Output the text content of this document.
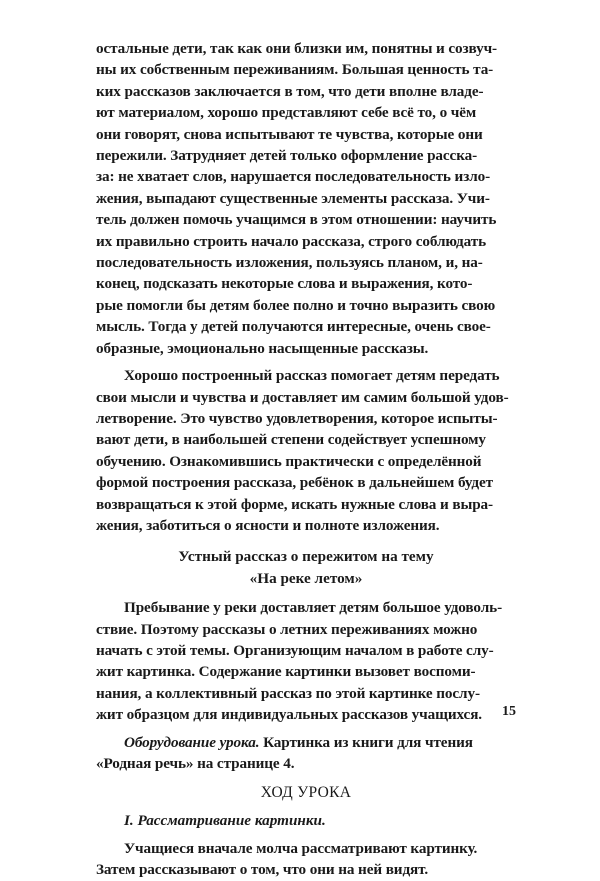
остальные дети, так как они близки им, понятны и созвуч-
ны их собственным переживаниям. Большая ценность та-
ких рассказов заключается в том, что дети вполне владе-
ют материалом, хорошо представляют себе всё то, о чём
они говорят, снова испытывают те чувства, которые они
пережили. Затрудняет детей только оформление расска-
за: не хватает слов, нарушается последовательность изло-
жения, выпадают существенные элементы рассказа. Учи-
тель должен помочь учащимся в этом отношении: научить
их правильно строить начало рассказа, строго соблюдать
последовательность изложения, пользуясь планом, и, на-
конец, подсказать некоторые слова и выражения, кото-
рые помогли бы детям более полно и точно выразить свою
мысль. Тогда у детей получаются интересные, очень свое-
образные, эмоционально насыщенные рассказы.

Хорошо построенный рассказ помогает детям передать
свои мысли и чувства и доставляет им самим большой удов-
летворение. Это чувство удовлетворения, которое испыты-
вают дети, в наибольшей степени содействует успешному
обучению. Ознакомившись практически с определённой
формой построения рассказа, ребёнок в дальнейшем будет
возвращаться к этой форме, искать нужные слова и выра-
жения, заботиться о ясности и полноте изложения.

Устный рассказ о пережитом на тему
«На реке летом»

Пребывание у реки доставляет детям большое удоволь-
ствие. Поэтому рассказы о летних переживаниях можно
начать с этой темы. Организующим началом в работе слу-
жит картинка. Содержание картинки вызовет воспоми-
нания, а коллективный рассказ по этой картинке послу-
жит образцом для индивидуальных рассказов учащихся.

Оборудование урока. Картинка из книги для чтения
«Родная речь» на странице 4.

ХОД УРОКА

I. Рассматривание картинки.

Учащиеся вначале молча рассматривают картинку.
Затем рассказывают о том, что они на ней видят.

15
